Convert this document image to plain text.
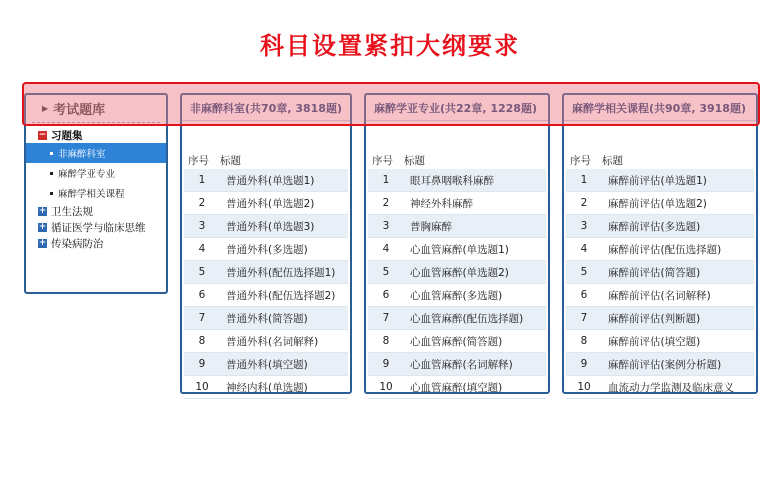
科目设置紧扣大纲要求
▶ 考试题库
− 习题集
非麻醉科室
麻醉学亚专业
麻醉学相关课程
+ 卫生法规
+ 循证医学与临床思维
+ 传染病防治
非麻醉科室(共70章, 3818题)
序号	标题
1	普通外科(单选题1)
2	普通外科(单选题2)
3	普通外科(单选题3)
4	普通外科(多选题)
5	普通外科(配伍选择题1)
6	普通外科(配伍选择题2)
7	普通外科(简答题)
8	普通外科(名词解释)
9	普通外科(填空题)
10	神经内科(单选题)
麻醉学亚专业(共22章, 1228题)
序号	标题
1	眼耳鼻咽喉科麻醉
2	神经外科麻醉
3	普胸麻醉
4	心血管麻醉(单选题1)
5	心血管麻醉(单选题2)
6	心血管麻醉(多选题)
7	心血管麻醉(配伍选择题)
8	心血管麻醉(简答题)
9	心血管麻醉(名词解释)
10	心血管麻醉(填空题)
麻醉学相关课程(共90章, 3918题)
序号	标题
1	麻醉前评估(单选题1)
2	麻醉前评估(单选题2)
3	麻醉前评估(多选题)
4	麻醉前评估(配伍选择题)
5	麻醉前评估(简答题)
6	麻醉前评估(名词解释)
7	麻醉前评估(判断题)
8	麻醉前评估(填空题)
9	麻醉前评估(案例分析题)
10	血流动力学监测及临床意义
